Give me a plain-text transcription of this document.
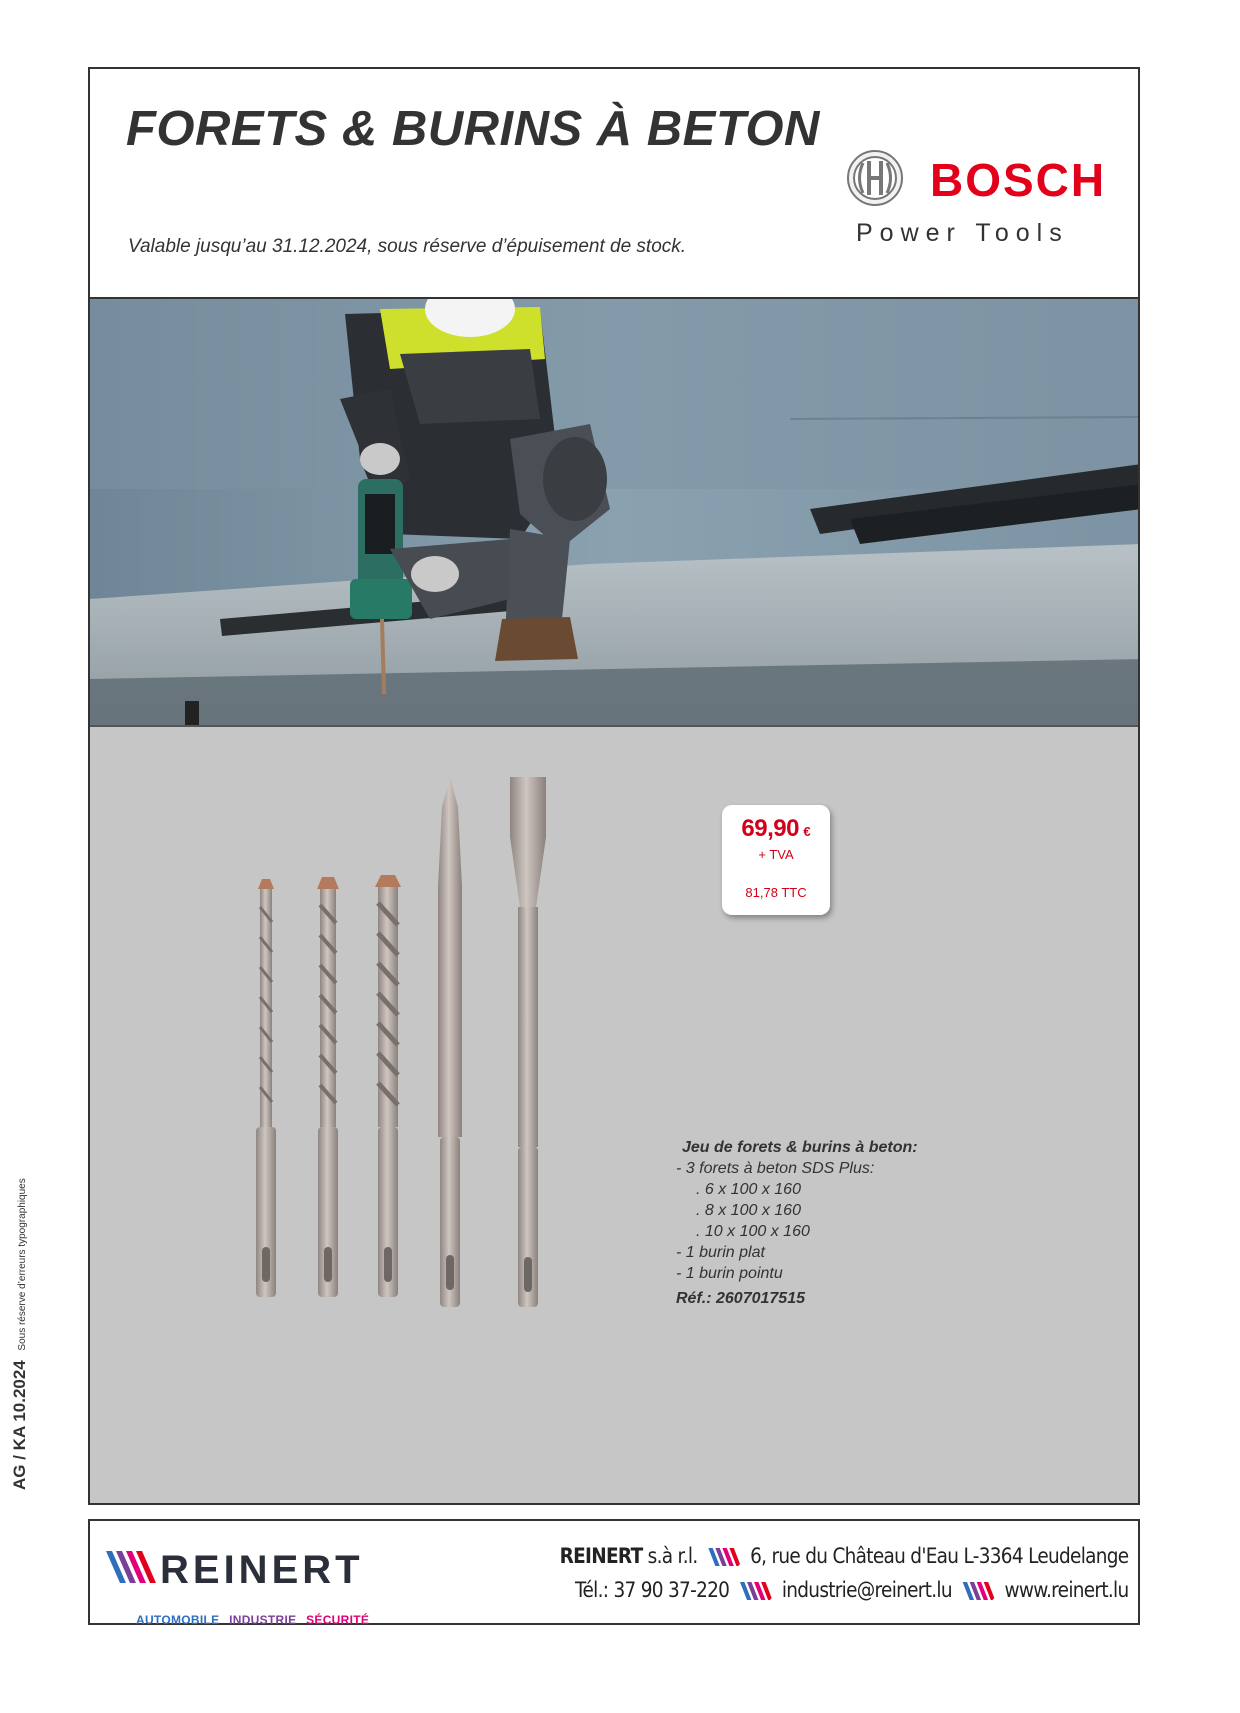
FORETS & BURINS À BETON
Valable jusqu’au 31.12.2024, sous réserve d’épuisement de stock.
BOSCH
Power Tools
69,90 €
+ TVA
81,78 TTC
Jeu de forets & burins à beton:
- 3 forets à beton SDS Plus:
. 6 x 100 x 160
. 8 x 100 x 160
. 10 x 100 x 160
- 1 burin plat
- 1 burin pointu
Réf.: 2607017515
AG / KA 10.2024 Sous réserve d’erreurs typographiques
REINERT
AUTOMOBILE INDUSTRIE SÉCURITÉ
REINERT s.à r.l.	6, rue du Château d'Eau L-3364 Leudelange
Tél.: 37 90 37-220	industrie@reinert.lu	www.reinert.lu
